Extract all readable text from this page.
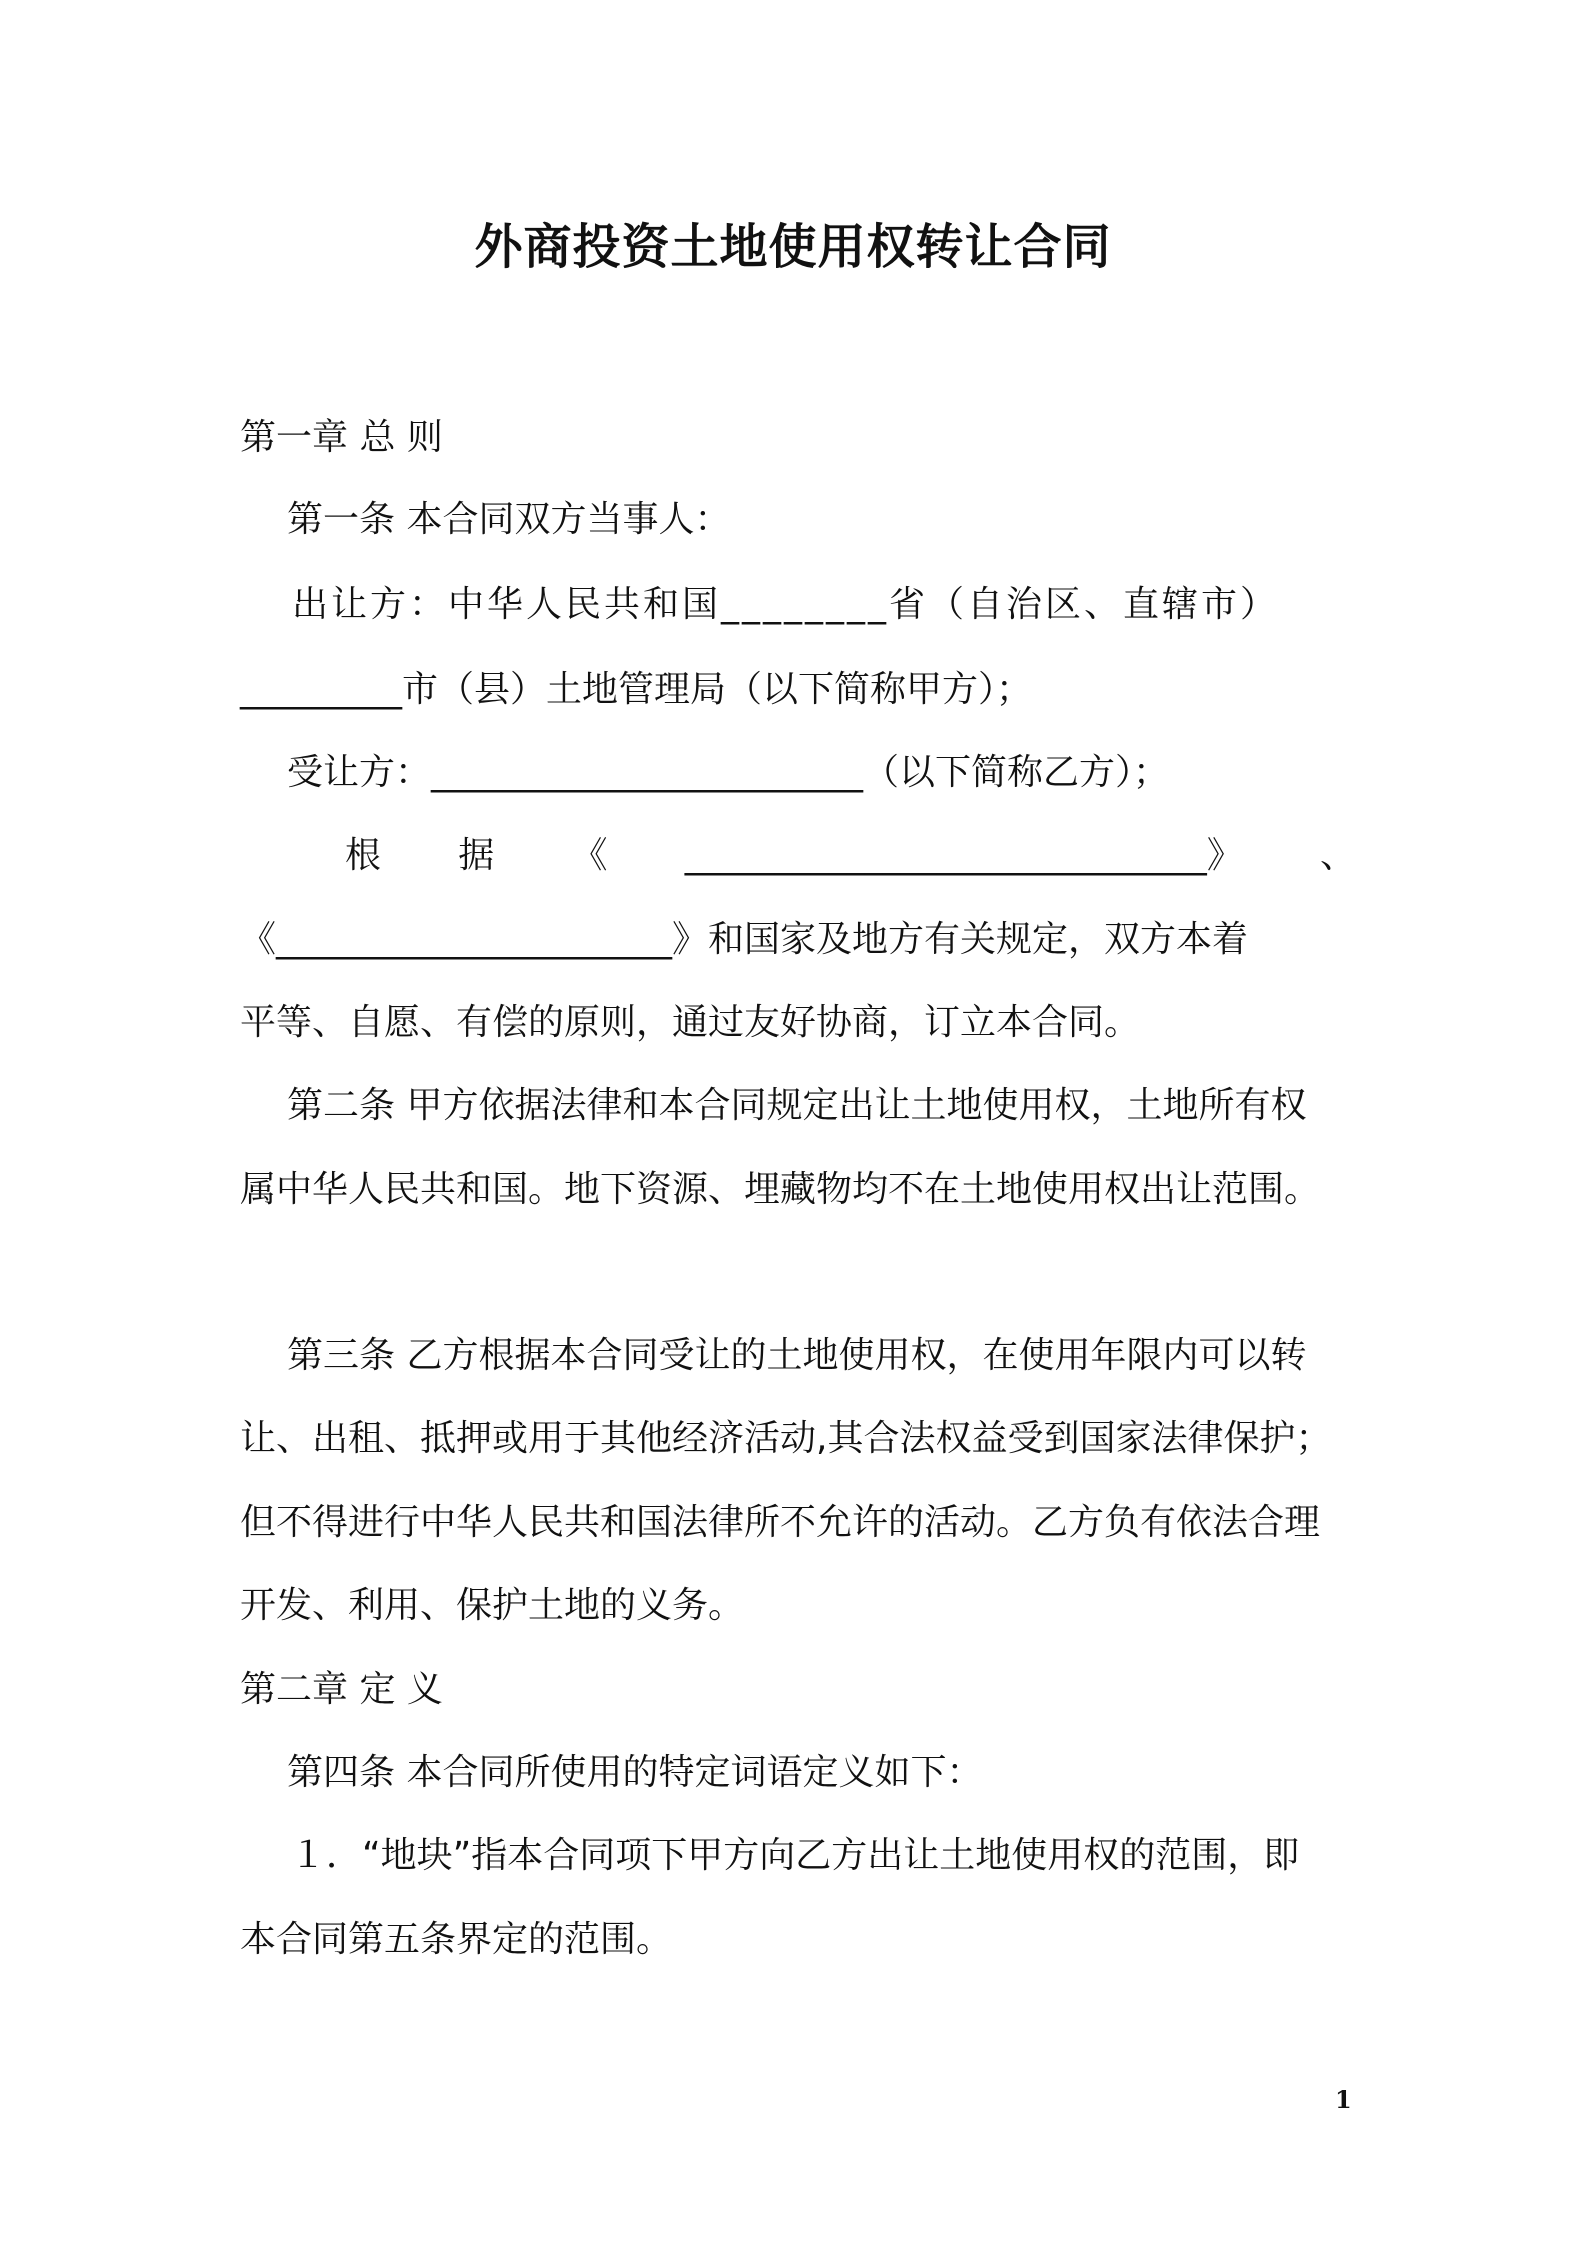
外商投资土地使用权转让合同
第一章 总 则
第一条 本合同双方当事人：
出让方：中华人民共和国________省（自治区、直辖市）
_________市（县）土地管理局（以下简称甲方）；
受让方：________________________（以下简称乙方）；
根 据 《 _____________________________》 、
《______________________》和国家及地方有关规定，双方本着
平等、自愿、有偿的原则，通过友好协商，订立本合同。
第二条 甲方依据法律和本合同规定出让土地使用权，土地所有权
属中华人民共和国。地下资源、埋藏物均不在土地使用权出让范围。
第三条 乙方根据本合同受让的土地使用权，在使用年限内可以转
让、出租、抵押或用于其他经济活动,其合法权益受到国家法律保护；
但不得进行中华人民共和国法律所不允许的活动。乙方负有依法合理
开发、利用、保护土地的义务。
第二章 定 义
第四条 本合同所使用的特定词语定义如下：
１．“地块”指本合同项下甲方向乙方出让土地使用权的范围，即
本合同第五条界定的范围。
1
